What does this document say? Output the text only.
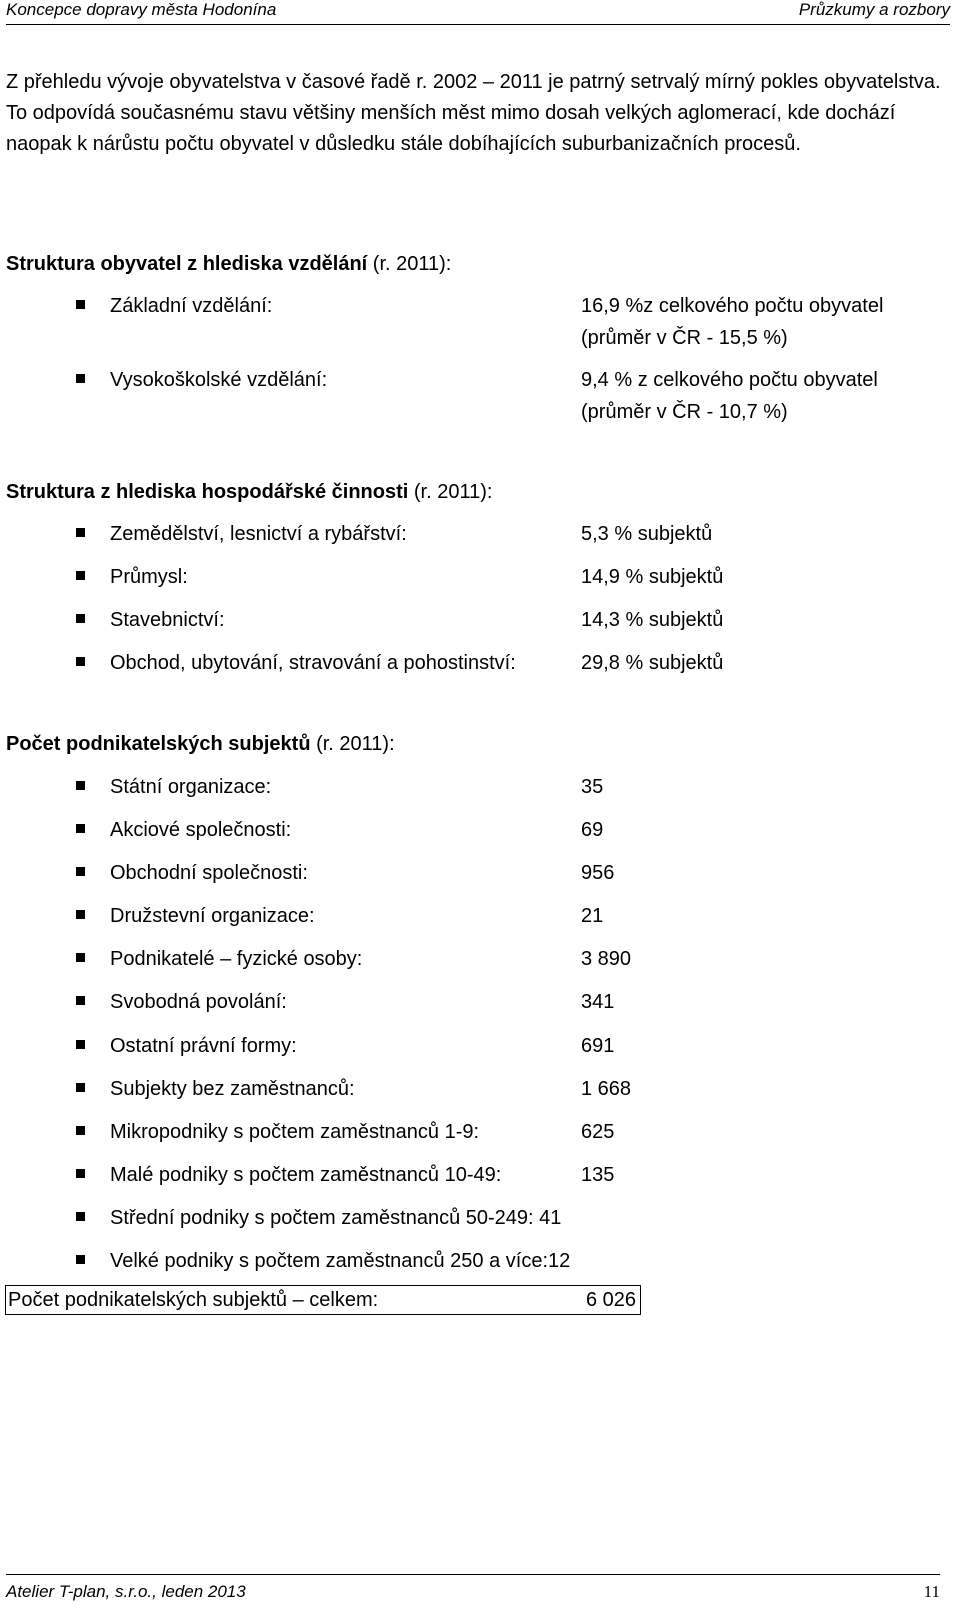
Koncepce dopravy města Hodonína	Průzkumy a rozbory

Z přehledu vývoje obyvatelstva v časové řadě r. 2002 – 2011 je patrný setrvalý mírný pokles obyvatelstva. To odpovídá současnému stavu většiny menších měst mimo dosah velkých aglomerací, kde dochází naopak k nárůstu počtu obyvatel v důsledku stále dobíhajících suburbanizačních procesů.

Struktura obyvatel z hlediska vzdělání (r. 2011):
Základní vzdělání:	16,9 %z celkového počtu obyvatel
(průměr v ČR - 15,5 %)
Vysokoškolské vzdělání:	9,4 % z celkového počtu obyvatel
(průměr v ČR - 10,7 %)
Struktura z hlediska hospodářské činnosti (r. 2011):
Zemědělství, lesnictví a rybářství:	5,3 % subjektů
Průmysl:	14,9 % subjektů
Stavebnictví:	14,3 % subjektů
Obchod, ubytování, stravování a pohostinství:	29,8 % subjektů
Počet podnikatelských subjektů (r. 2011):
Státní organizace:	35
Akciové společnosti:	69
Obchodní společnosti:	956
Družstevní organizace:	21
Podnikatelé – fyzické osoby:	3 890
Svobodná povolání:	341
Ostatní právní formy:	691
Subjekty bez zaměstnanců:	1 668
Mikropodniky s počtem zaměstnanců 1-9:	625
Malé podniky s počtem zaměstnanců 10-49:	135
Střední podniky s počtem zaměstnanců 50-249: 41
Velké podniky s počtem zaměstnanců 250 a více:12
Počet podnikatelských subjektů – celkem:	6 026
Atelier T-plan, s.r.o., leden 2013	11
